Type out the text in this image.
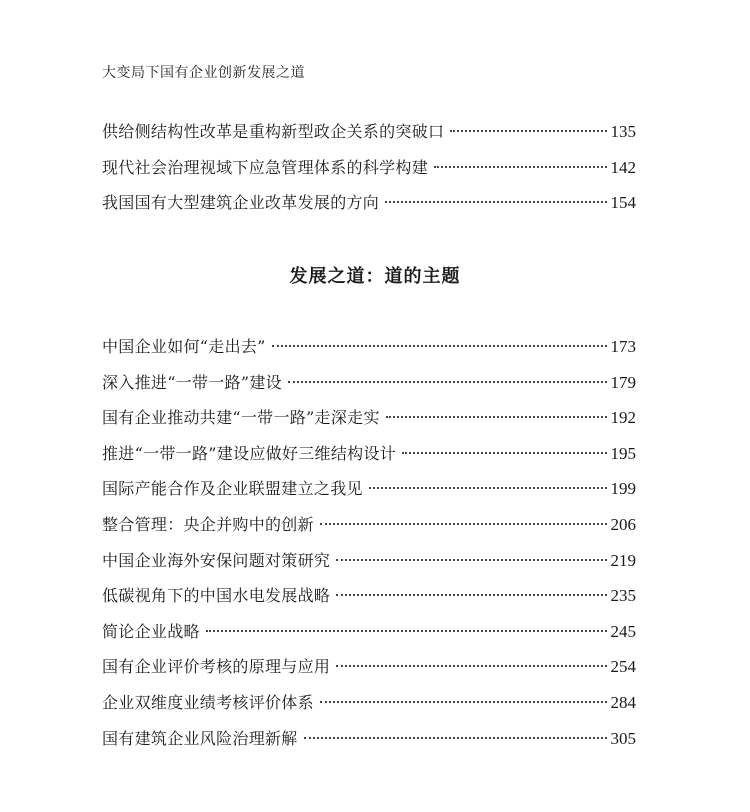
大变局下国有企业创新发展之道
供给侧结构性改革是重构新型政企关系的突破口	135
现代社会治理视域下应急管理体系的科学构建	142
我国国有大型建筑企业改革发展的方向	154
发展之道：道的主题
中国企业如何“走出去”	173
深入推进“一带一路”建设	179
国有企业推动共建“一带一路”走深走实	192
推进“一带一路”建设应做好三维结构设计	195
国际产能合作及企业联盟建立之我见	199
整合管理：央企并购中的创新	206
中国企业海外安保问题对策研究	219
低碳视角下的中国水电发展战略	235
简论企业战略	245
国有企业评价考核的原理与应用	254
企业双维度业绩考核评价体系	284
国有建筑企业风险治理新解	305
